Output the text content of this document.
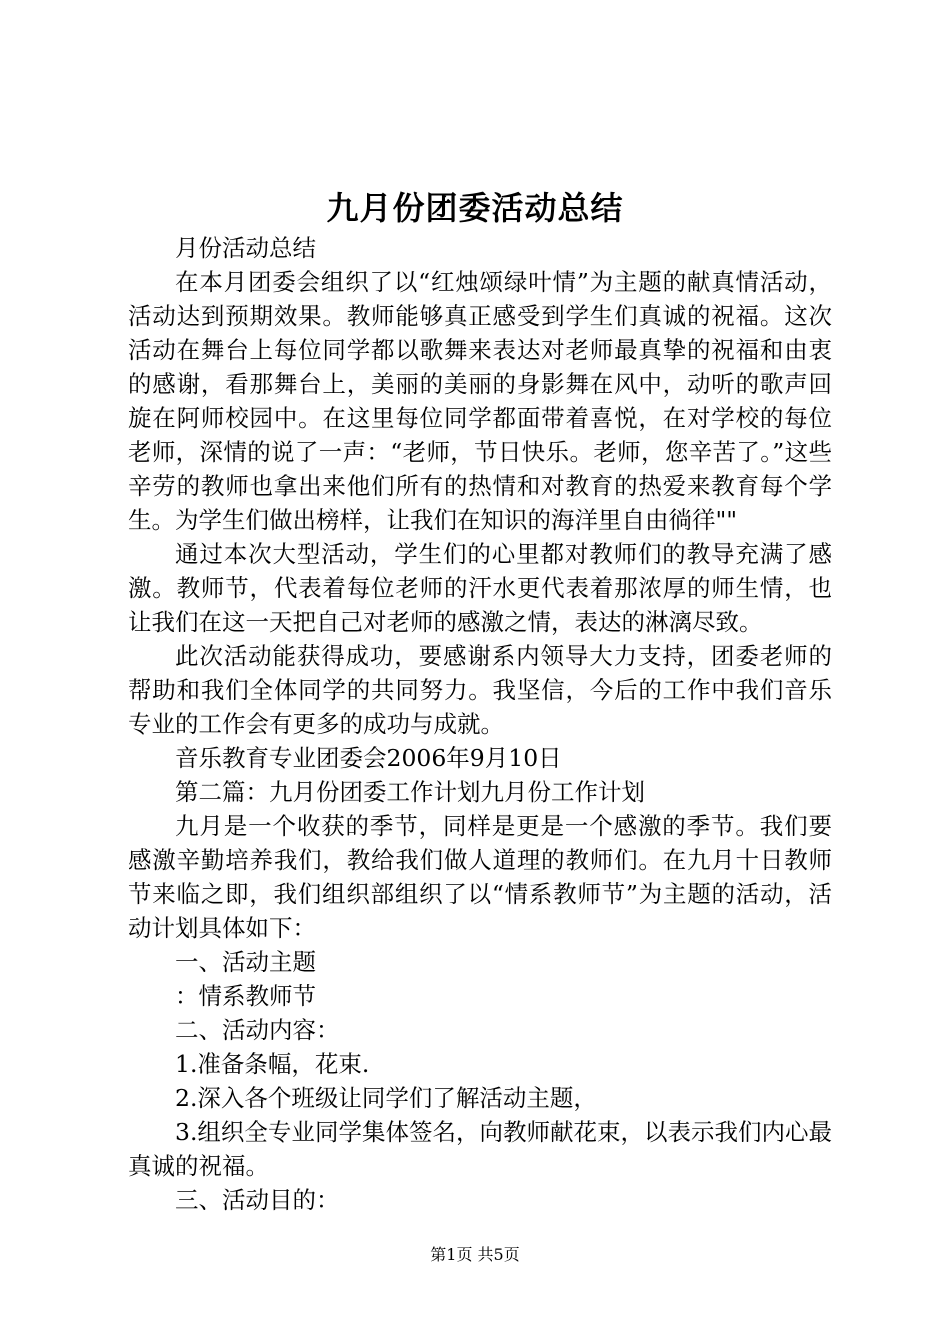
九月份团委活动总结

月份活动总结

在本月团委会组织了以“红烛颂绿叶情”为主题的献真情活动，活动达到预期效果。教师能够真正感受到学生们真诚的祝福。这次活动在舞台上每位同学都以歌舞来表达对老师最真挚的祝福和由衷的感谢，看那舞台上，美丽的美丽的身影舞在风中，动听的歌声回旋在阿师校园中。在这里每位同学都面带着喜悦，在对学校的每位老师，深情的说了一声：“老师，节日快乐。老师，您辛苦了。”这些辛劳的教师也拿出来他们所有的热情和对教育的热爱来教育每个学生。为学生们做出榜样，让我们在知识的海洋里自由徜徉""

通过本次大型活动，学生们的心里都对教师们的教导充满了感激。教师节，代表着每位老师的汗水更代表着那浓厚的师生情，也让我们在这一天把自己对老师的感激之情，表达的淋漓尽致。

此次活动能获得成功，要感谢系内领导大力支持，团委老师的帮助和我们全体同学的共同努力。我坚信，今后的工作中我们音乐专业的工作会有更多的成功与成就。

音乐教育专业团委会2006年9月10日

第二篇：九月份团委工作计划九月份工作计划

九月是一个收获的季节，同样是更是一个感激的季节。我们要感激辛勤培养我们，教给我们做人道理的教师们。在九月十日教师节来临之即，我们组织部组织了以“情系教师节”为主题的活动，活动计划具体如下：

一、活动主题

：情系教师节

二、活动内容：

1.准备条幅，花束.

2.深入各个班级让同学们了解活动主题，

3.组织全专业同学集体签名，向教师献花束，以表示我们内心最真诚的祝福。

三、活动目的：

第1页 共5页
